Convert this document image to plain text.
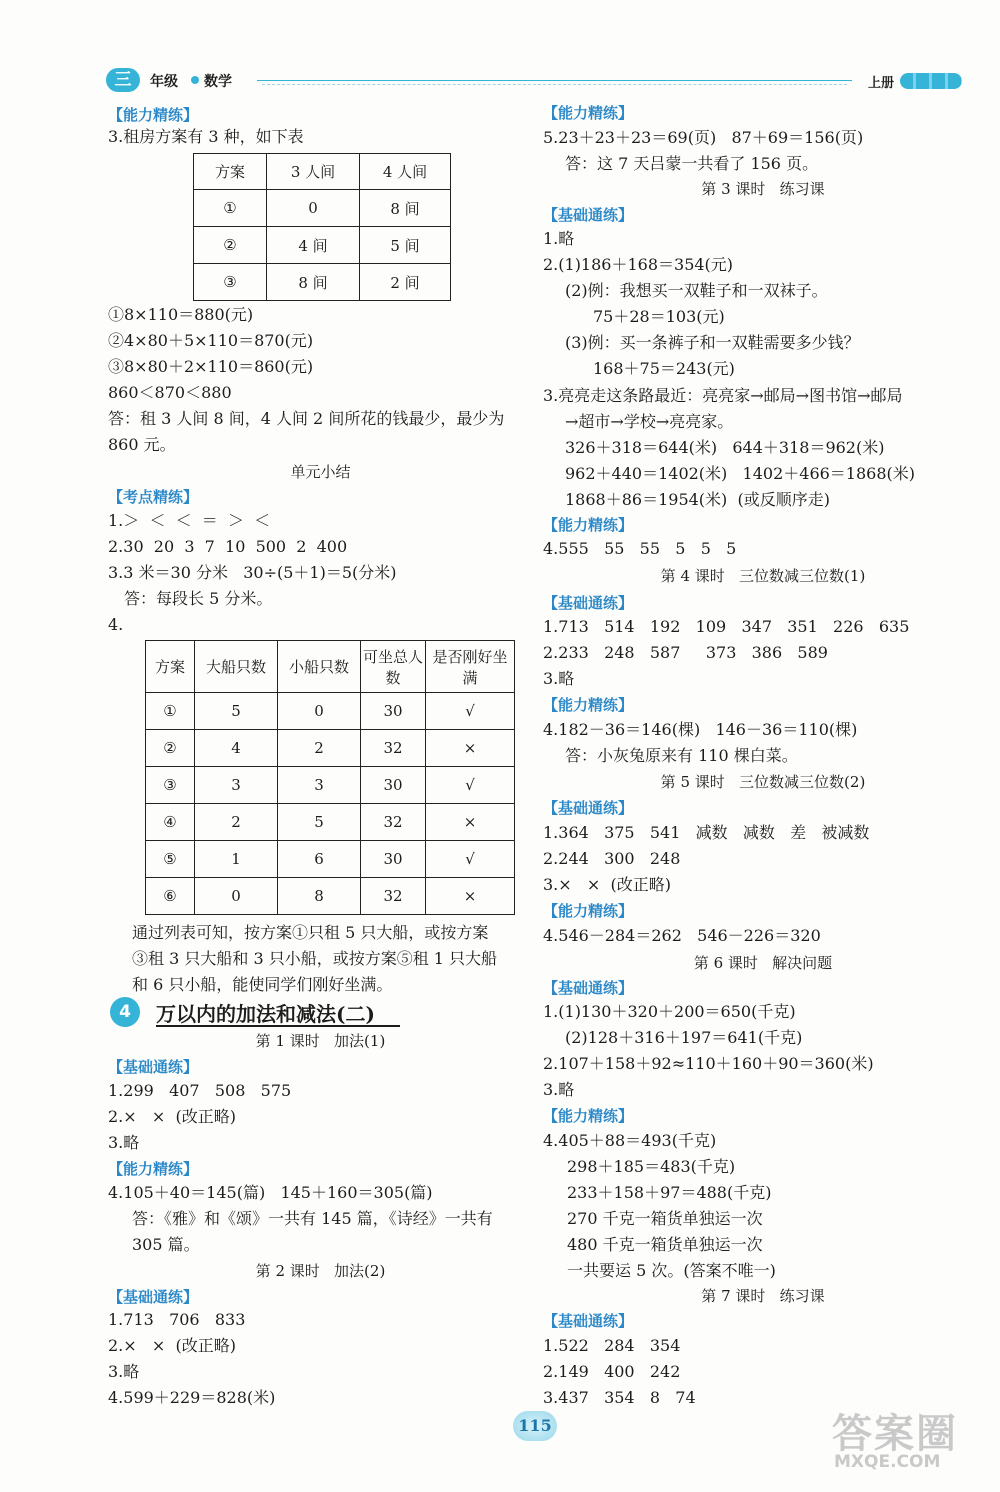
三	年级 数学	上册
【能力精练】
3.租房方案有 3 种，如下表
方案	3 人间	4 人间
①	0	8 间
②	4 间	5 间
③	8 间	2 间
①8×110＝880(元)
②4×80＋5×110＝870(元)
③8×80＋2×110＝860(元)
860＜870＜880
答：租 3 人间 8 间，4 人间 2 间所花的钱最少，最少为
860 元。
单元小结
【考点精练】
1.＞  ＜  ＜  ＝  ＞  ＜
2.30  20  3  7  10  500  2  400
3.3 米＝30 分米   30÷(5＋1)＝5(分米)
答：每段长 5 分米。
4.
方案	大船只数	小船只数	可坐总人数	是否刚好坐满
①	5	0	30	√
②	4	2	32	×
③	3	3	30	√
④	2	5	32	×
⑤	1	6	30	√
⑥	0	8	32	×
通过列表可知，按方案①只租 5 只大船，或按方案
③租 3 只大船和 3 只小船，或按方案⑤租 1 只大船
和 6 只小船，能使同学们刚好坐满。
第 1 课时   加法(1)
【基础通练】
1.299   407   508   575
2.×   ×  (改正略)
3.略
【能力精练】
4.105＋40＝145(篇)   145＋160＝305(篇)
答：《雅》和《颂》一共有 145 篇，《诗经》一共有
305 篇。
第 2 课时   加法(2)
【基础通练】
1.713   706   833
2.×   ×  (改正略)
3.略
4.599＋229＝828(米)
4	万以内的加法和减法(二)
【能力精练】
5.23＋23＋23＝69(页)   87＋69＝156(页)
答：这 7 天吕蒙一共看了 156 页。
第 3 课时   练习课
【基础通练】
1.略
2.(1)186＋168＝354(元)
(2)例：我想买一双鞋子和一双袜子。
75＋28＝103(元)
(3)例：买一条裤子和一双鞋需要多少钱？
168＋75＝243(元)
3.亮亮走这条路最近：亮亮家→邮局→图书馆→邮局
→超市→学校→亮亮家。
326＋318＝644(米)   644＋318＝962(米)
962＋440＝1402(米)   1402＋466＝1868(米)
1868＋86＝1954(米)  (或反顺序走)
【能力精练】
4.555   55   55   5   5   5
第 4 课时   三位数减三位数(1)
【基础通练】
1.713   514   192   109   347   351   226   635
2.233   248   587     373   386   589
3.略
【能力精练】
4.182－36＝146(棵)   146－36＝110(棵)
答：小灰兔原来有 110 棵白菜。
第 5 课时   三位数减三位数(2)
【基础通练】
1.364   375   541   减数   减数   差   被减数
2.244   300   248
3.×   ×  (改正略)
【能力精练】
4.546－284＝262   546－226＝320
第 6 课时   解决问题
【基础通练】
1.(1)130＋320＋200＝650(千克)
(2)128＋316＋197＝641(千克)
2.107＋158＋92≈110＋160＋90＝360(米)
3.略
【能力精练】
4.405＋88＝493(千克)
298＋185＝483(千克)
233＋158＋97＝488(千克)
270 千克一箱货单独运一次
480 千克一箱货单独运一次
一共要运 5 次。(答案不唯一)
第 7 课时   练习课
【基础通练】
1.522   284   354
2.149   400   242
3.437   354   8   74
115	答案圈
MXQE.COM
